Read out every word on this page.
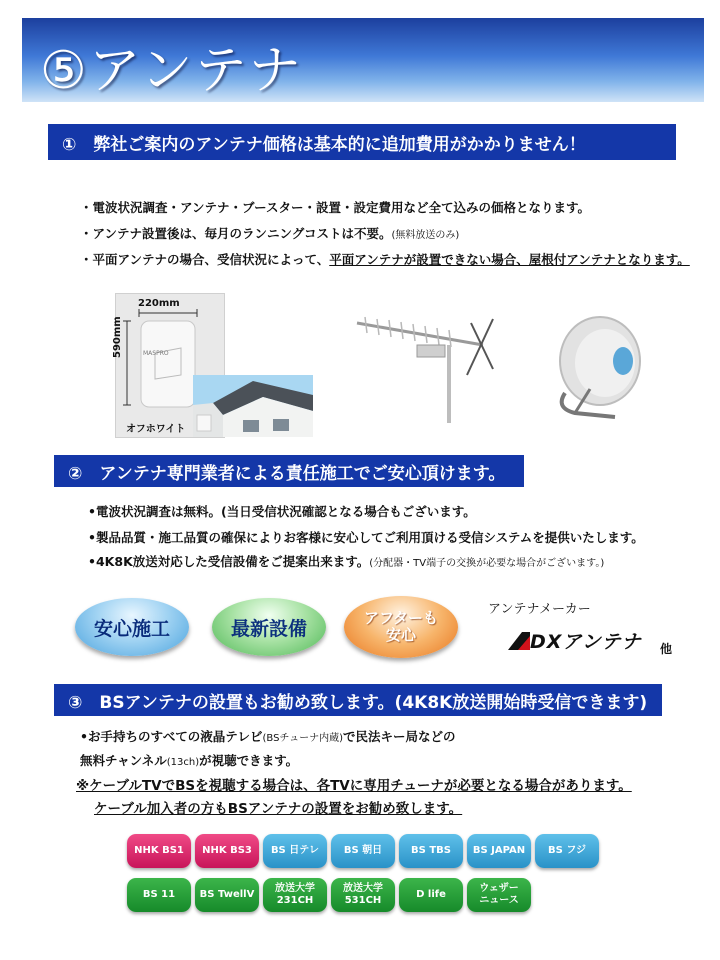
⑤アンテナ
①　弊社ご案内のアンテナ価格は基本的に追加費用がかかりません！
・電波状況調査・アンテナ・ブースター・設置・設定費用など全て込みの価格となります。
・アンテナ設置後は、毎月のランニングコストは不要。(無料放送のみ)
・平面アンテナの場合、受信状況によって、平面アンテナが設置できない場合、屋根付アンテナとなります。
220mm
590mm	MASPRO
オフホワイト
②　アンテナ専門業者による責任施工でご安心頂けます。
•電波状況調査は無料。(当日受信状況確認となる場合もございます。
•製品品質・施工品質の確保によりお客様に安心してご利用頂ける受信システムを提供いたします。
•4K8K放送対応した受信設備をご提案出来ます。(分配器・TV端子の交換が必要な場合がございます。)
安心施工	最新設備	アフターも
安心
アンテナメーカー
DXアンテナ 他
③　BSアンテナの設置もお勧め致します。(4K8K放送開始時受信できます)
•お手持ちのすべての液晶テレビ(BSチューナ内蔵)で民法キー局などの
無料チャンネル(13ch)が視聴できます。
※ケーブルTVでBSを視聴する場合は、各TVに専用チューナが必要となる場合があります。
ケーブル加入者の方もBSアンテナの設置をお勧め致します。
NHK BS1	NHK BS3	BS 日テレ	BS 朝日	BS TBS	BS JAPAN	BS フジ
BS 11	BS TwellV
放送大学
231CH
放送大学
531CH
D life
ウェザー
ニュース
